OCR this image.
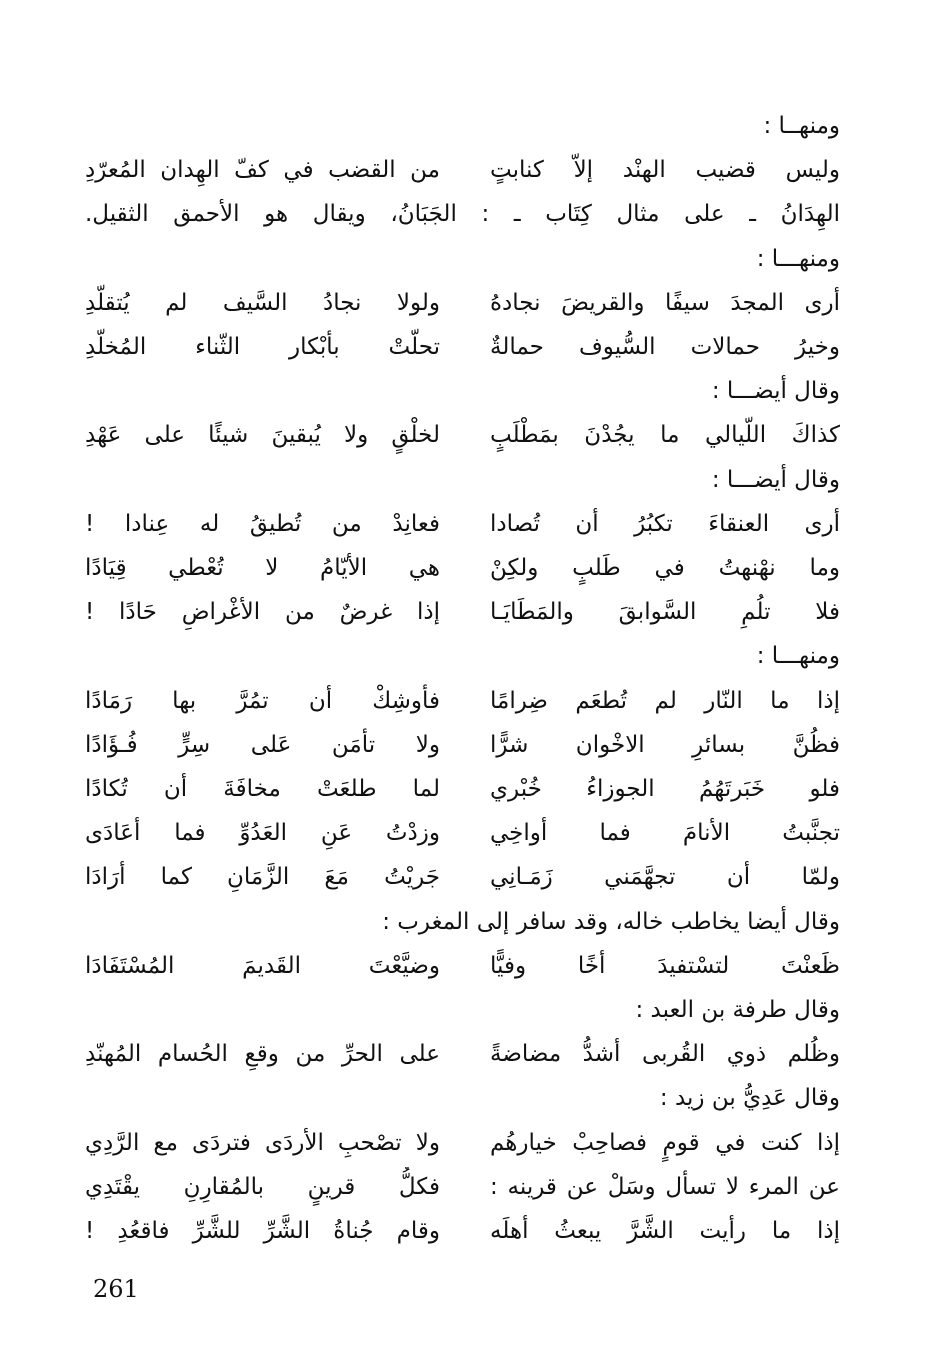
ومنهــا :
وليس قضيب الهنْد إلاّ كنابتٍ
من القضب في كفّ الهِدان المُعرّدِ
الهِدَانُ ـ على مثال كِتَاب ـ : الجَبَانُ، ويقال هو الأحمق الثقيل.
ومنهـــا :
أرى المجدَ سيفًا والقريضَ نجادهُ
ولولا نجادُ السَّيف لم يُتقلّدِ
وخيرُ حمالات السُّيوف حمالةٌ
تحلّتْ بأبْكار الثّناء المُخلّدِ
وقال أيضـــا :
كذاكَ اللّيالي ما يجُدْنَ بمَطْلَبٍ
لخلْقٍ ولا يُبقينَ شيئًا على عَهْدِ
وقال أيضـــا :
أرى العنقاءَ تكبُرُ أن تُصادا
فعانِدْ من تُطيقُ له عِنادا !
وما نهْنهتُ في طَلبٍ ولكِنْ
هي الأيّامُ لا تُعْطي قِيَادًا
فلا تلُمِ السَّوابقَ والمَطَايَـا
إذا غرضٌ من الأغْراضِ حَادًا !
ومنهـــا :
إذا ما النّار لم تُطعَم ضِرامًا
فأوشِكْ أن تمُرَّ بها رَمَادًا
فظُنَّ بسائرِ الاخْوان شرًّا
ولا تأمَن عَلى سِرٍّ فُـؤَادًا
فلو خَبَرتَهُمُ الجوزاءُ خُبْري
لما طلعَتْ مخافَةَ أن تُكادًا
تجنَّبتُ الأنامَ فما أواخِي
وزدْتُ عَنِ العَدُوِّ فما أعَادَى
ولمّا أن تجهَّمَني زَمَـانِي
جَريْتُ مَعَ الزَّمَانِ كما أرَادَا
وقال أيضا يخاطب خاله، وقد سافر إلى المغرب :
ظَعنْتَ لتسْتفيدَ أخًا وفيًّا
وضيَّعْتَ القَديمَ المُسْتَفَادَا
وقال طرفة بن العبد :
وظُلم ذوي القُربى أشدُّ مضاضةً
على الحرِّ من وقعِ الحُسام المُهنّدِ
وقال عَدِيُّ بن زيد :
إذا كنت في قومٍ فصاحِبْ خيارهُم
ولا تصْحبِ الأردَى فتردَى مع الرَّدِي
عن المرء لا تسأل وسَلْ عن قرينه :
فكلُّ قرينٍ بالمُقارِنِ يقْتَدِي
إذا ما رأيت الشَّرَّ يبعثُ أهلَه
وقام جُناةُ الشَّرِّ للشَّرِّ فاقعُدِ !
261
